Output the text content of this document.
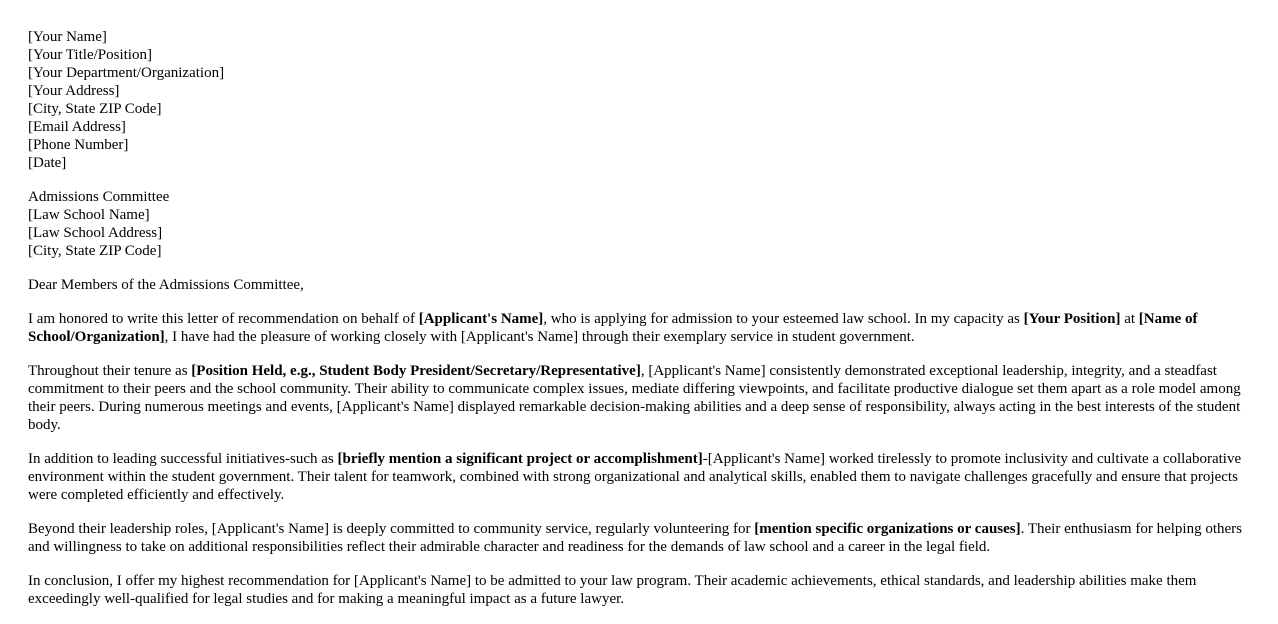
[Your Name]
[Your Title/Position]
[Your Department/Organization]
[Your Address]
[City, State ZIP Code]
[Email Address]
[Phone Number]
[Date]
Admissions Committee
[Law School Name]
[Law School Address]
[City, State ZIP Code]

Dear Members of the Admissions Committee,

I am honored to write this letter of recommendation on behalf of [Applicant's Name], who is applying for admission to your esteemed law school. In my capacity as [Your Position] at [Name of School/Organization], I have had the pleasure of working closely with [Applicant's Name] through their exemplary service in student government.

Throughout their tenure as [Position Held, e.g., Student Body President/Secretary/Representative], [Applicant's Name] consistently demonstrated exceptional leadership, integrity, and a steadfast commitment to their peers and the school community. Their ability to communicate complex issues, mediate differing viewpoints, and facilitate productive dialogue set them apart as a role model among their peers. During numerous meetings and events, [Applicant's Name] displayed remarkable decision-making abilities and a deep sense of responsibility, always acting in the best interests of the student body.

In addition to leading successful initiatives-such as [briefly mention a significant project or accomplishment]-[Applicant's Name] worked tirelessly to promote inclusivity and cultivate a collaborative environment within the student government. Their talent for teamwork, combined with strong organizational and analytical skills, enabled them to navigate challenges gracefully and ensure that projects were completed efficiently and effectively.

Beyond their leadership roles, [Applicant's Name] is deeply committed to community service, regularly volunteering for [mention specific organizations or causes]. Their enthusiasm for helping others and willingness to take on additional responsibilities reflect their admirable character and readiness for the demands of law school and a career in the legal field.

In conclusion, I offer my highest recommendation for [Applicant's Name] to be admitted to your law program. Their academic achievements, ethical standards, and leadership abilities make them exceedingly well-qualified for legal studies and for making a meaningful impact as a future lawyer.
